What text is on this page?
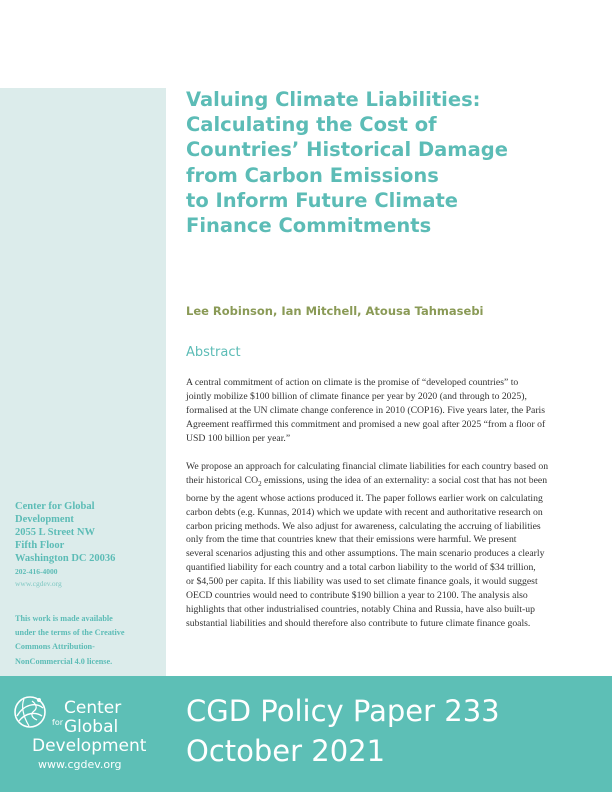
Valuing Climate Liabilities:
Calculating the Cost of
Countries’ Historical Damage
from Carbon Emissions
to Inform Future Climate
Finance Commitments
Lee Robinson, Ian Mitchell, Atousa Tahmasebi
Abstract
A central commitment of action on climate is the promise of “developed countries” to
jointly mobilize $100 billion of climate finance per year by 2020 (and through to 2025),
formalised at the UN climate change conference in 2010 (COP16). Five years later, the Paris
Agreement reaffirmed this commitment and promised a new goal after 2025 “from a floor of
USD 100 billion per year.”
We propose an approach for calculating financial climate liabilities for each country based on
their historical $CO_2$ emissions, using the idea of an externality: a social cost that has not been
borne by the agent whose actions produced it. The paper follows earlier work on calculating
carbon debts (e.g. Kunnas, 2014) which we update with recent and authoritative research on
carbon pricing methods. We also adjust for awareness, calculating the accruing of liabilities
only from the time that countries knew that their emissions were harmful. We present
several scenarios adjusting this and other assumptions. The main scenario produces a clearly
quantified liability for each country and a total carbon liability to the world of $34 trillion,
or $4,500 per capita. If this liability was used to set climate finance goals, it would suggest
OECD countries would need to contribute $190 billion a year to 2100. The analysis also
highlights that other industrialised countries, notably China and Russia, have also built-up
substantial liabilities and should therefore also contribute to future climate finance goals.
Center for Global
Development
2055 L Street NW
Fifth Floor
Washington DC 20036
202-416-4000
www.cgdev.org
This work is made available
under the terms of the Creative
Commons Attribution-
NonCommercial 4.0 license.
Center
for Global
Development
www.cgdev.org
CGD Policy Paper 233
October 2021
